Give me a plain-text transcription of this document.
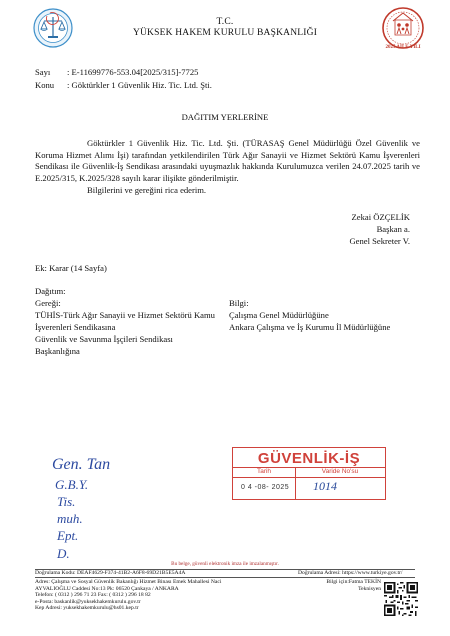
T.C.
YÜKSEK HAKEM KURULU BAŞKANLIĞI
2025 AİLE YILI
Sayı : E-11699776-553.04[2025/315]-7725
Konu : Göktürkler 1 Güvenlik Hiz. Tic. Ltd. Şti.
DAĞITIM YERLERİNE
Göktürkler 1 Güvenlik Hiz. Tic. Ltd. Şti. (TÜRASAŞ Genel Müdürlüğü Özel Güvenlik ve Koruma Hizmet Alımı İşi) tarafından yetkilendirilen Türk Ağır Sanayii ve Hizmet Sektörü Kamu İşverenleri Sendikası ile Güvenlik-İş Sendikası arasındaki uyuşmazlık hakkında Kurulumuzca verilen 24.07.2025 tarih ve E.2025/315, K.2025/328 sayılı karar ilişikte gönderilmiştir.
Bilgilerini ve gereğini rica ederim.
Zekai ÖZÇELİK
Başkan a.
Genel Sekreter V.
Ek: Karar (14 Sayfa)
Dağıtım:
Gereği:	Bilgi:
TÜHİS-Türk Ağır Sanayii ve Hizmet Sektörü Kamu
İşverenleri Sendikasına
Güvenlik ve Savunma İşçileri Sendikası
Başkanlığına
Çalışma Genel Müdürlüğüne
Ankara Çalışma ve İş Kurumu İl Müdürlüğüne
GÜVENLİK-İŞ
Tarih	Varide No'su
0 4 -08- 2025 1014
Gen. Tan
G.B.Y.
Tis.
muh.
Ept.
D.
Bu belge, güvenli elektronik imza ile imzalanmıştır.
Doğrulama Kodu: DEAF4629-F374-41B2-A6F8-69D21B5E5A4A	Doğrulama Adresi: https://www.turkiye.gov.tr/
Adres: Çalışma ve Sosyal Güvenlik Bakanlığı Hizmet Binası Emek Mahallesi Naci
AYVALIOĞLU Caddesi No:13 Pk: 06520 Çankaya / ANKARA
Telefon: ( 0312 ) 296 71 23 Fax: ( 0312 ) 296 18 82
e-Posta: baskanlik@yuksekhakemkurulu.gov.tr
Kep Adresi: yuksekhakemkurulu@hs01.kep.tr
Bilgi için:Fatma TEKİN
Teknisyen
